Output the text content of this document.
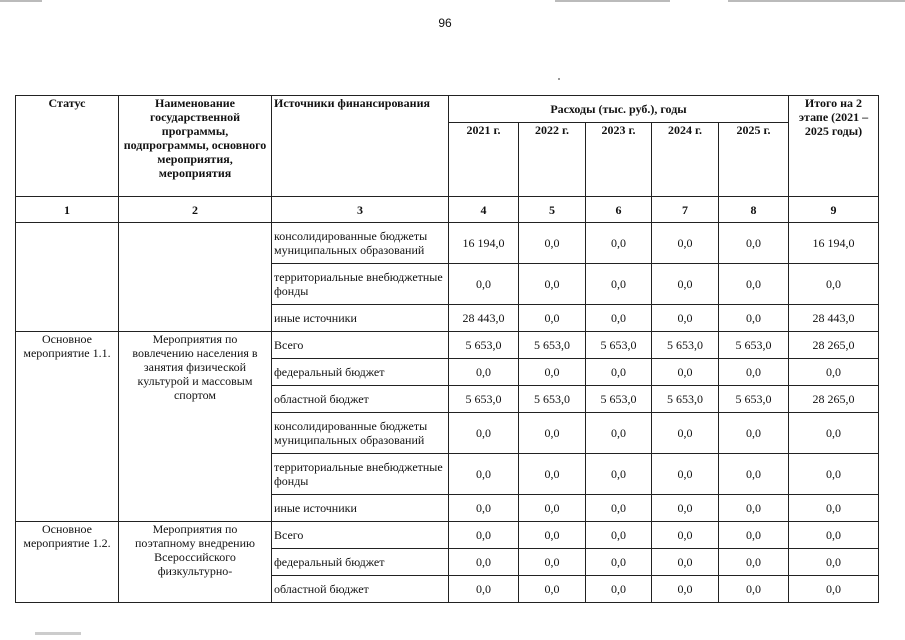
96
Статус	Наименование государственной программы, подпрограммы, основного мероприятия, мероприятия	Источники финансирования	Расходы (тыс. руб.), годы					Итого на 2 этапе (2021 – 2025 годы)
			2021 г.	2022 г.	2023 г.	2024 г.	2025 г.	
1	2	3	4	5	6	7	8	9
		консолидированные бюджеты муниципальных образований	16 194,0	0,0	0,0	0,0	0,0	16 194,0
		территориальные внебюджетные фонды	0,0	0,0	0,0	0,0	0,0	0,0
		иные источники	28 443,0	0,0	0,0	0,0	0,0	28 443,0
Основное мероприятие 1.1.	Мероприятия по вовлечению населения в занятия физической культурой и массовым спортом	Всего	5 653,0	5 653,0	5 653,0	5 653,0	5 653,0	28 265,0
		федеральный бюджет	0,0	0,0	0,0	0,0	0,0	0,0
		областной бюджет	5 653,0	5 653,0	5 653,0	5 653,0	5 653,0	28 265,0
		консолидированные бюджеты муниципальных образований	0,0	0,0	0,0	0,0	0,0	0,0
		территориальные внебюджетные фонды	0,0	0,0	0,0	0,0	0,0	0,0
		иные источники	0,0	0,0	0,0	0,0	0,0	0,0
Основное мероприятие 1.2.	Мероприятия по поэтапному внедрению Всероссийского физкультурно-	Всего	0,0	0,0	0,0	0,0	0,0	0,0
		федеральный бюджет	0,0	0,0	0,0	0,0	0,0	0,0
		областной бюджет	0,0	0,0	0,0	0,0	0,0	0,0
